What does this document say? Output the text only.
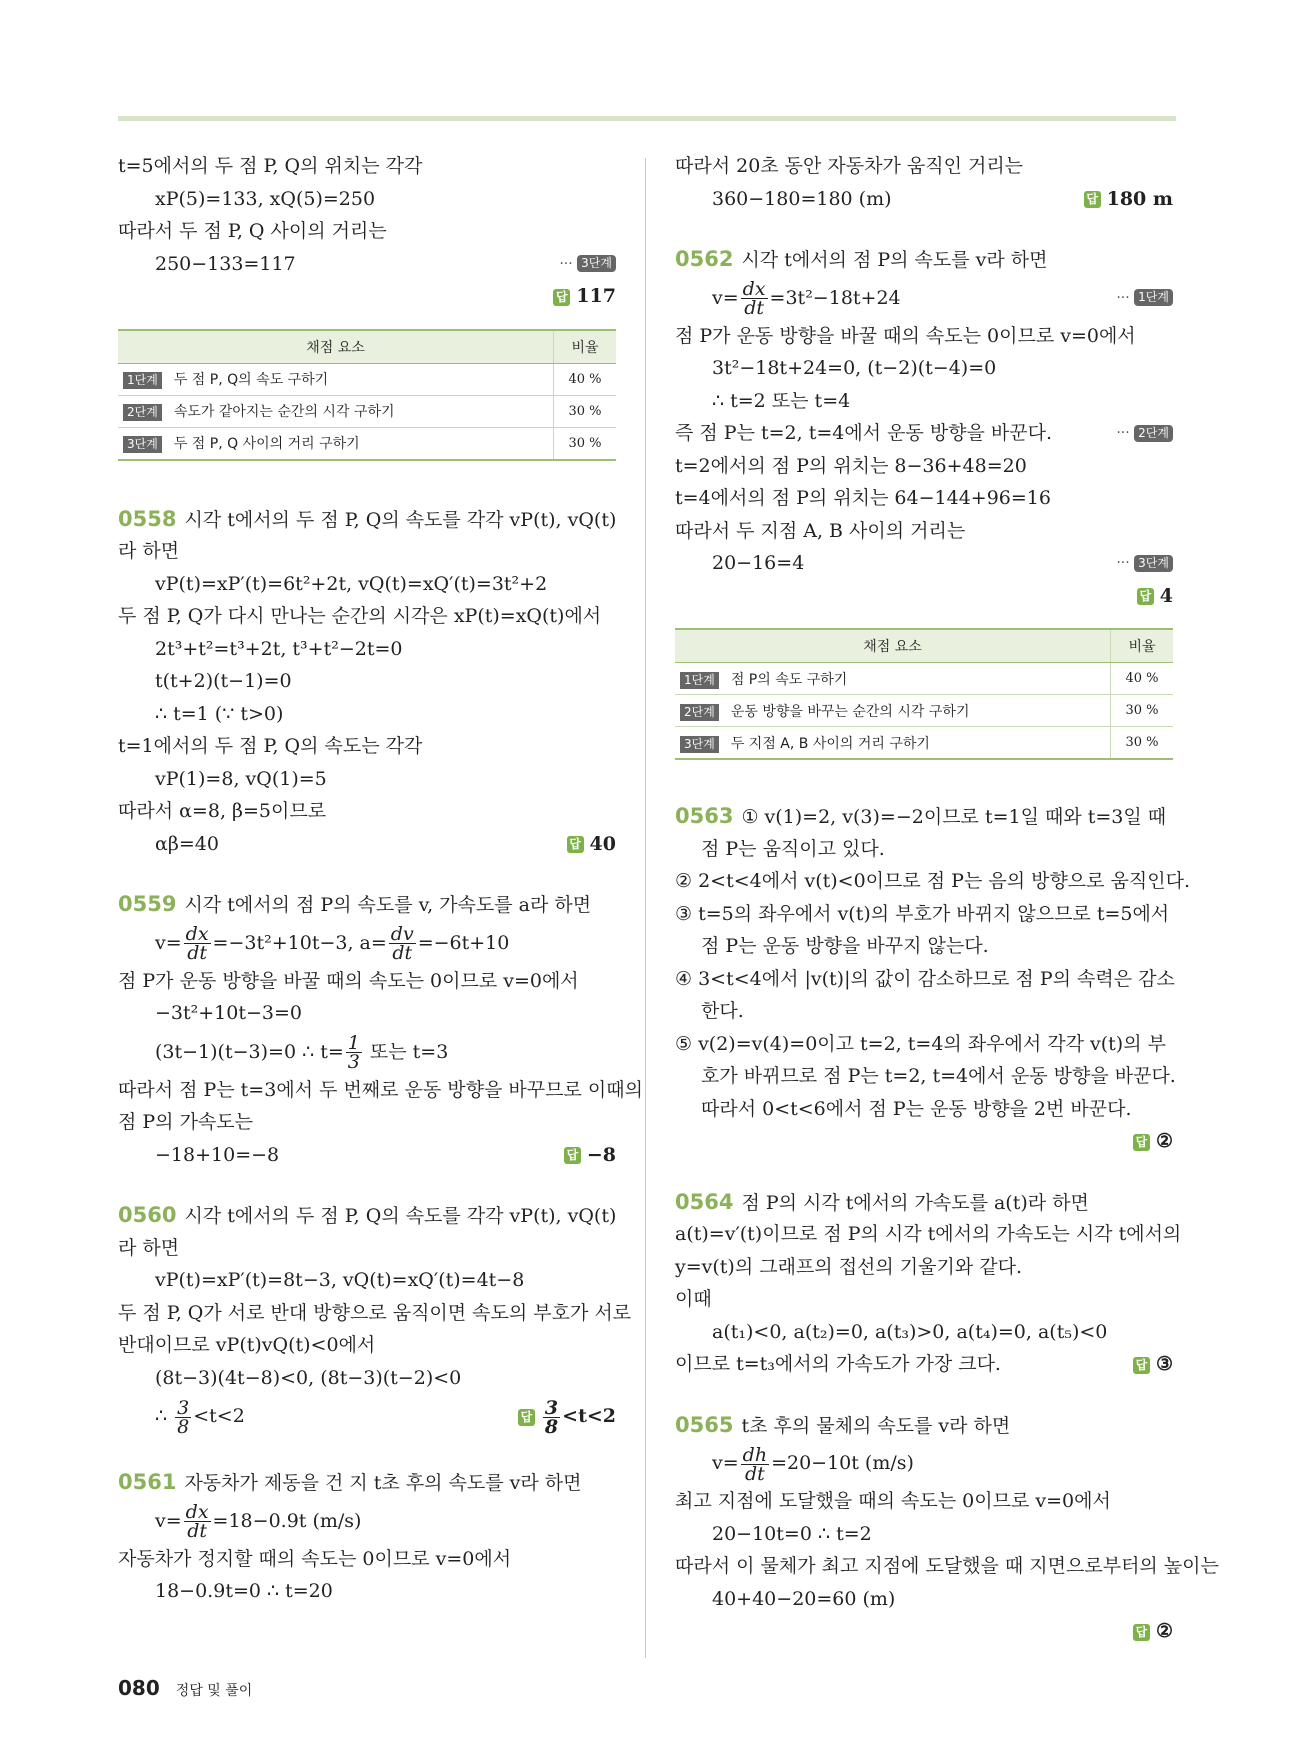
t=5에서의 두 점 P, Q의 위치는 각각
xP(5)=133, xQ(5)=250
따라서 두 점 P, Q 사이의 거리는
250−133=117	··· 3단계
답 117
채점 요소	비율
1단계 두 점 P, Q의 속도 구하기	40 %
2단계 속도가 같아지는 순간의 시각 구하기	30 %
3단계 두 점 P, Q 사이의 거리 구하기	30 %
0558 시각 t에서의 두 점 P, Q의 속도를 각각 vP(t), vQ(t)
라 하면
vP(t)=xP′(t)=6t²+2t, vQ(t)=xQ′(t)=3t²+2
두 점 P, Q가 다시 만나는 순간의 시각은 xP(t)=xQ(t)에서
2t³+t²=t³+2t, t³+t²−2t=0
t(t+2)(t−1)=0
∴ t=1 (∵ t>0)
t=1에서의 두 점 P, Q의 속도는 각각
vP(1)=8, vQ(1)=5
따라서 α=8, β=5이므로
αβ=40	답 40
0559 시각 t에서의 점 P의 속도를 v, 가속도를 a라 하면
$v= \frac{dx}{dt} =-3t^2+10t-3$, $a= \frac{dv}{dt} =-6t+10$
점 P가 운동 방향을 바꿀 때의 속도는 0이므로 v=0에서
−3t²+10t−3=0
(3t−1)(t−3)=0 ∴ $t= \frac{1}{3}$ 또는 t=3
따라서 점 P는 t=3에서 두 번째로 운동 방향을 바꾸므로 이때의
점 P의 가속도는
−18+10=−8	답 −8
0560 시각 t에서의 두 점 P, Q의 속도를 각각 vP(t), vQ(t)
라 하면
vP(t)=xP′(t)=8t−3, vQ(t)=xQ′(t)=4t−8
두 점 P, Q가 서로 반대 방향으로 움직이면 속도의 부호가 서로
반대이므로 vP(t)vQ(t)<0에서
(8t−3)(4t−8)<0, (8t−3)(t−2)<0
∴ $\frac{3}{8} <t<2$	답 $\frac{3}{8} <t<2$
0561 자동차가 제동을 건 지 t초 후의 속도를 v라 하면
$v= \frac{dx}{dt} =18-0.9t$ (m/s)
자동차가 정지할 때의 속도는 0이므로 v=0에서
18−0.9t=0 ∴ t=20
따라서 20초 동안 자동차가 움직인 거리는
360−180=180 (m)	답 180 m
0562 시각 t에서의 점 P의 속도를 v라 하면
$v= \frac{dx}{dt} =3t^2-18t+24$	··· 1단계
점 P가 운동 방향을 바꿀 때의 속도는 0이므로 v=0에서
3t²−18t+24=0, (t−2)(t−4)=0
∴ t=2 또는 t=4
즉 점 P는 t=2, t=4에서 운동 방향을 바꾼다.	··· 2단계
t=2에서의 점 P의 위치는 8−36+48=20
t=4에서의 점 P의 위치는 64−144+96=16
따라서 두 지점 A, B 사이의 거리는
20−16=4	··· 3단계
답 4
채점 요소	비율
1단계 점 P의 속도 구하기	40 %
2단계 운동 방향을 바꾸는 순간의 시각 구하기	30 %
3단계 두 지점 A, B 사이의 거리 구하기	30 %
0563 ① v(1)=2, v(3)=−2이므로 t=1일 때와 t=3일 때
점 P는 움직이고 있다.
② 2<t<4에서 v(t)<0이므로 점 P는 음의 방향으로 움직인다.
③ t=5의 좌우에서 v(t)의 부호가 바뀌지 않으므로 t=5에서
점 P는 운동 방향을 바꾸지 않는다.
④ 3<t<4에서 |v(t)|의 값이 감소하므로 점 P의 속력은 감소
한다.
⑤ v(2)=v(4)=0이고 t=2, t=4의 좌우에서 각각 v(t)의 부
호가 바뀌므로 점 P는 t=2, t=4에서 운동 방향을 바꾼다.
따라서 0<t<6에서 점 P는 운동 방향을 2번 바꾼다.
답 ②
0564 점 P의 시각 t에서의 가속도를 a(t)라 하면
a(t)=v′(t)이므로 점 P의 시각 t에서의 가속도는 시각 t에서의
y=v(t)의 그래프의 접선의 기울기와 같다.
이때
a(t₁)<0, a(t₂)=0, a(t₃)>0, a(t₄)=0, a(t₅)<0
이므로 t=t₃에서의 가속도가 가장 크다.	답 ③
0565 t초 후의 물체의 속도를 v라 하면
$v= \frac{dh}{dt} =20-10t$ (m/s)
최고 지점에 도달했을 때의 속도는 0이므로 v=0에서
20−10t=0 ∴ t=2
따라서 이 물체가 최고 지점에 도달했을 때 지면으로부터의 높이는
40+40−20=60 (m)
답 ②
080 정답 및 풀이
